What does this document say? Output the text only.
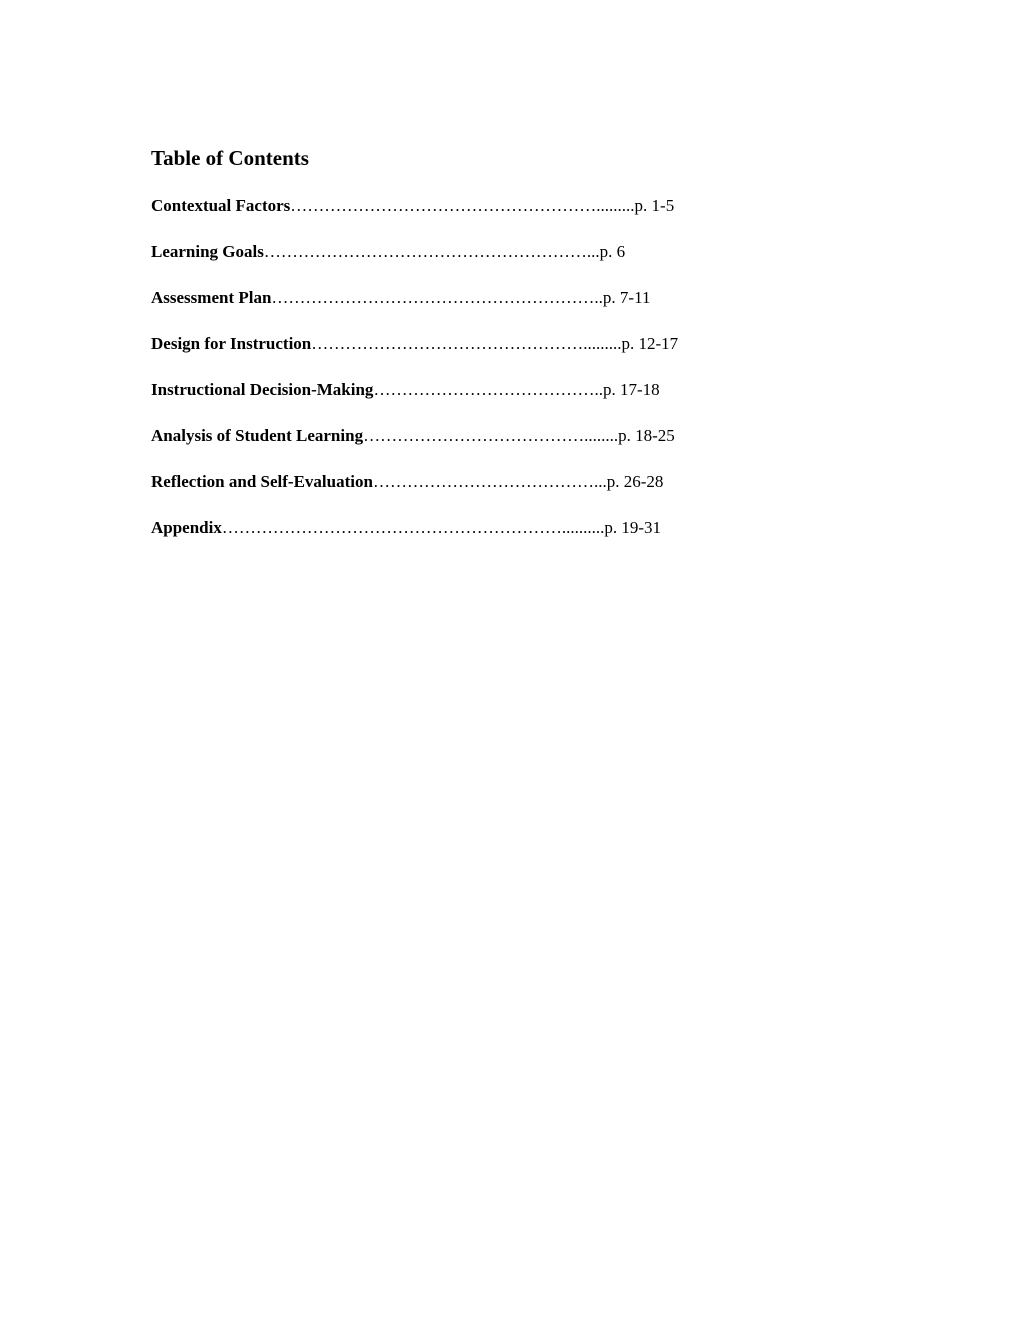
Table of Contents
Contextual Factors……………………………………………….........p. 1-5
Learning Goals…………………………………………………...p. 6
Assessment Plan…………………………………………………..p. 7-11
Design for Instruction………………………………………….........p. 12-17
Instructional Decision-Making…………………………………..p. 17-18
Analysis of Student Learning…………………………………........p. 18-25
Reflection and Self-Evaluation…………………………………...p. 26-28
Appendix……………………………………………………..........p. 19-31
